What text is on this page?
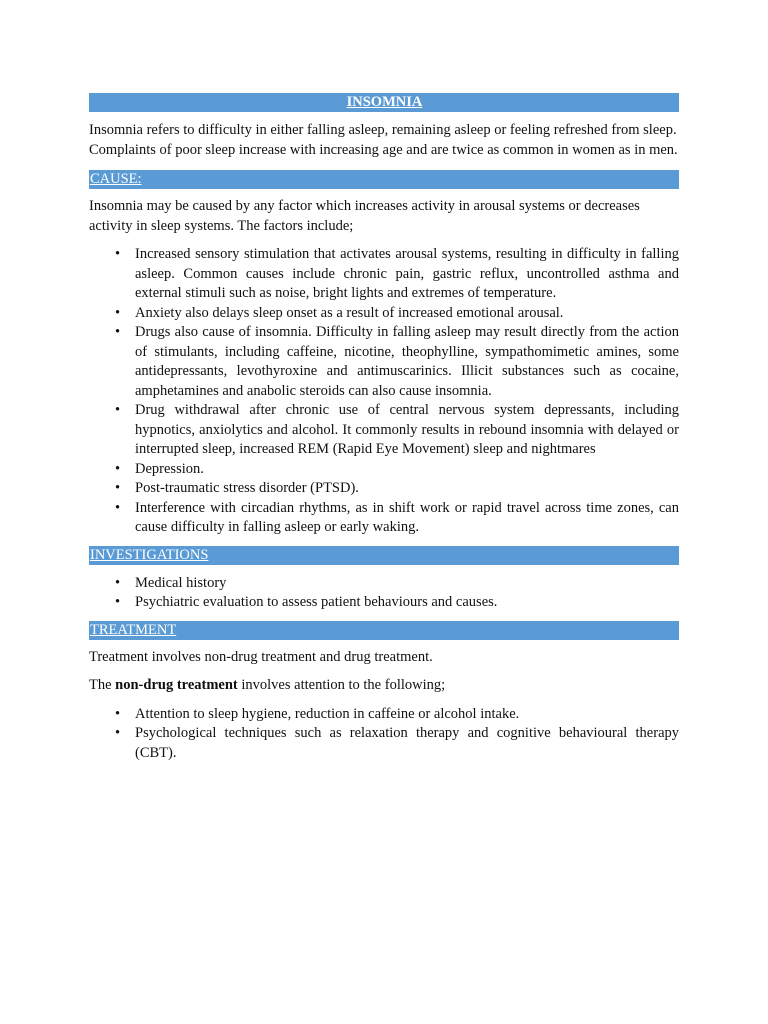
INSOMNIA

Insomnia refers to difficulty in either falling asleep, remaining asleep or feeling refreshed from sleep. Complaints of poor sleep increase with increasing age and are twice as common in women as in men.

CAUSE:

Insomnia may be caused by any factor which increases activity in arousal systems or decreases activity in sleep systems. The factors include;

• Increased sensory stimulation that activates arousal systems, resulting in difficulty in falling asleep. Common causes include chronic pain, gastric reflux, uncontrolled asthma and external stimuli such as noise, bright lights and extremes of temperature.
• Anxiety also delays sleep onset as a result of increased emotional arousal.
• Drugs also cause of insomnia. Difficulty in falling asleep may result directly from the action of stimulants, including caffeine, nicotine, theophylline, sympathomimetic amines, some antidepressants, levothyroxine and antimuscarinics. Illicit substances such as cocaine, amphetamines and anabolic steroids can also cause insomnia.
• Drug withdrawal after chronic use of central nervous system depressants, including hypnotics, anxiolytics and alcohol. It commonly results in rebound insomnia with delayed or interrupted sleep, increased REM (Rapid Eye Movement) sleep and nightmares
• Depression.
• Post-traumatic stress disorder (PTSD).
• Interference with circadian rhythms, as in shift work or rapid travel across time zones, can cause difficulty in falling asleep or early waking.
INVESTIGATIONS
• Medical history
• Psychiatric evaluation to assess patient behaviours and causes.
TREATMENT

Treatment involves non-drug treatment and drug treatment.

The non-drug treatment involves attention to the following;

• Attention to sleep hygiene, reduction in caffeine or alcohol intake.
• Psychological techniques such as relaxation therapy and cognitive behavioural therapy (CBT).
